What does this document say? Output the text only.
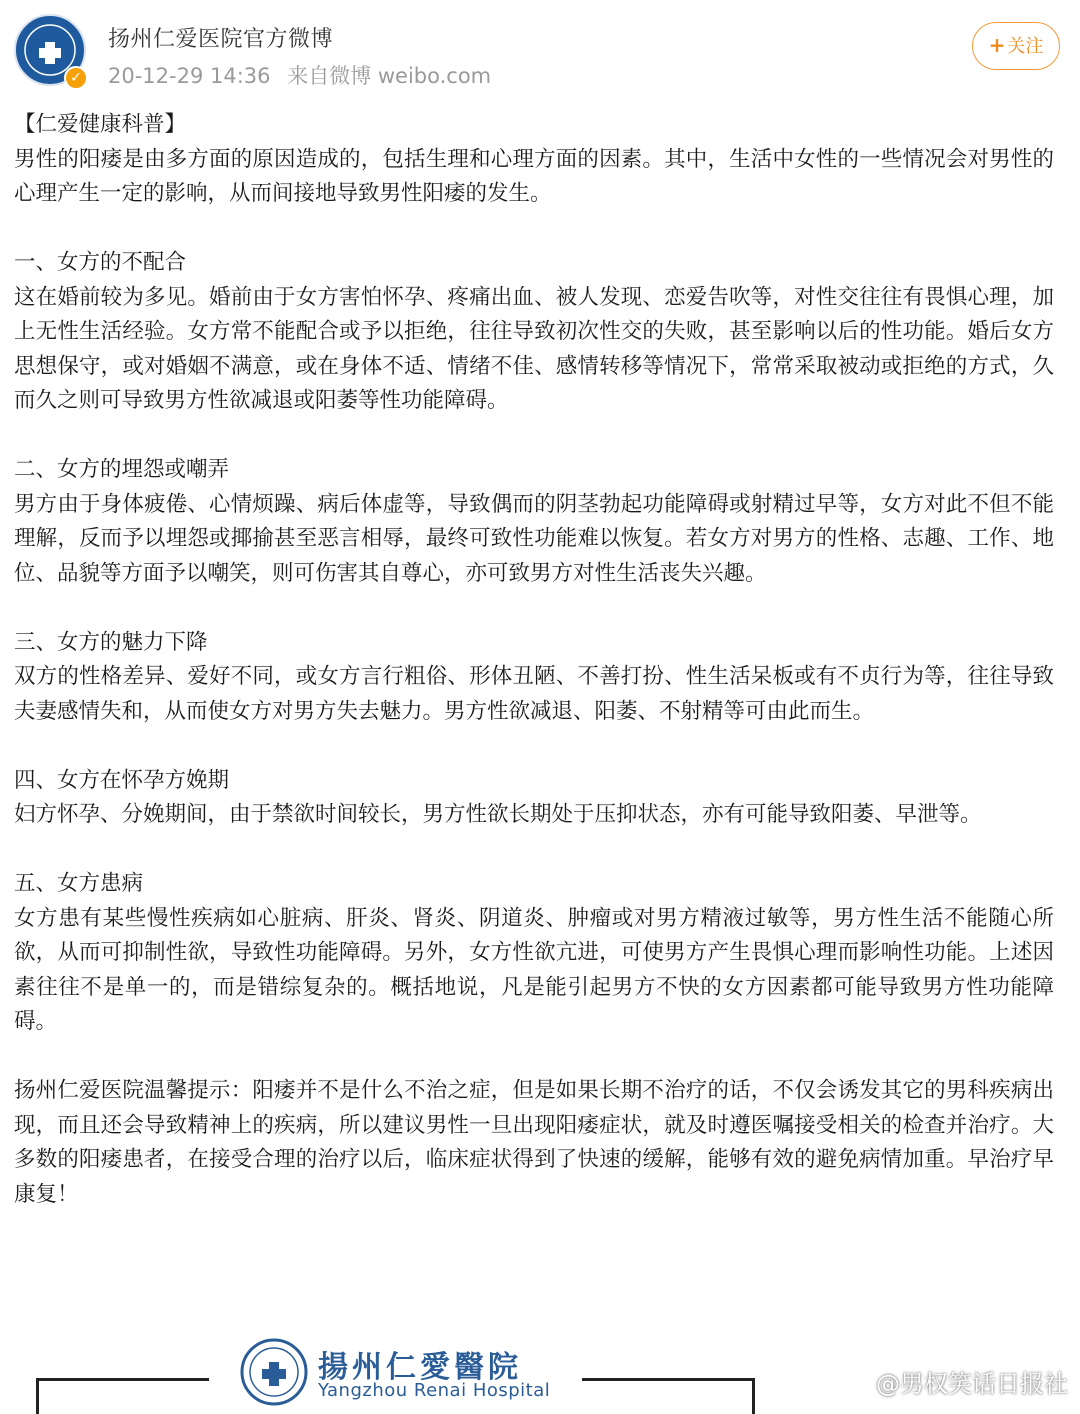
✓
扬州仁爱医院官方微博
20-12-29 14:36 来自微博 weibo.com
+ 关注

【仁爱健康科普】

男性的阳痿是由多方面的原因造成的，包括生理和心理方面的因素。其中，生活中女性的一些情况会对男性的心理产生一定的影响，从而间接地导致男性阳痿的发生。

一、女方的不配合

这在婚前较为多见。婚前由于女方害怕怀孕、疼痛出血、被人发现、恋爱告吹等，对性交往往有畏惧心理，加上无性生活经验。女方常不能配合或予以拒绝，往往导致初次性交的失败，甚至影响以后的性功能。婚后女方思想保守，或对婚姻不满意，或在身体不适、情绪不佳、感情转移等情况下，常常采取被动或拒绝的方式，久而久之则可导致男方性欲减退或阳萎等性功能障碍。

二、女方的埋怨或嘲弄

男方由于身体疲倦、心情烦躁、病后体虚等，导致偶而的阴茎勃起功能障碍或射精过早等，女方对此不但不能理解，反而予以埋怨或揶揄甚至恶言相辱，最终可致性功能难以恢复。若女方对男方的性格、志趣、工作、地位、品貌等方面予以嘲笑，则可伤害其自尊心，亦可致男方对性生活丧失兴趣。

三、女方的魅力下降

双方的性格差异、爱好不同，或女方言行粗俗、形体丑陋、不善打扮、性生活呆板或有不贞行为等，往往导致夫妻感情失和，从而使女方对男方失去魅力。男方性欲减退、阳萎、不射精等可由此而生。

四、女方在怀孕方娩期

妇方怀孕、分娩期间，由于禁欲时间较长，男方性欲长期处于压抑状态，亦有可能导致阳萎、早泄等。

五、女方患病

女方患有某些慢性疾病如心脏病、肝炎、肾炎、阴道炎、肿瘤或对男方精液过敏等，男方性生活不能随心所欲，从而可抑制性欲，导致性功能障碍。另外，女方性欲亢进，可使男方产生畏惧心理而影响性功能。上述因素往往不是单一的，而是错综复杂的。概括地说，凡是能引起男方不快的女方因素都可能导致男方性功能障碍。

扬州仁爱医院温馨提示：阳痿并不是什么不治之症，但是如果长期不治疗的话，不仅会诱发其它的男科疾病出现，而且还会导致精神上的疾病，所以建议男性一旦出现阳痿症状，就及时遵医嘱接受相关的检查并治疗。大多数的阳痿患者，在接受合理的治疗以后，临床症状得到了快速的缓解，能够有效的避免病情加重。早治疗早康复！

揚州仁愛醫院
Yangzhou Renai Hospital	@男权笑话日报社
